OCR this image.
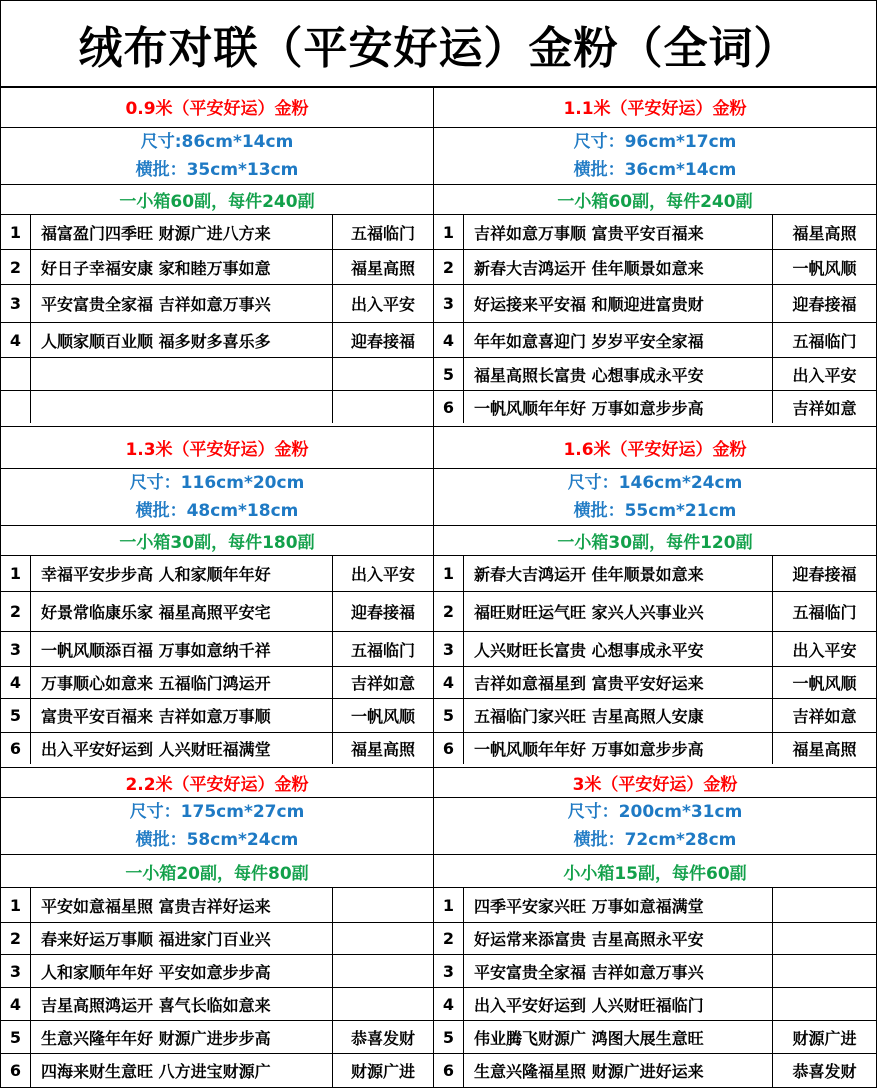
绒布对联（平安好运）金粉（全词）
0.9米（平安好运）金粉
尺寸:86cm*14cm
横批：35cm*13cm
一小箱60副，每件240副
1	福富盈门四季旺 财源广进八方来	五福临门
2	好日子幸福安康 家和睦万事如意	福星高照
3	平安富贵全家福 吉祥如意万事兴	出入平安
4	人顺家顺百业顺 福多财多喜乐多	迎春接福
1.1米（平安好运）金粉
尺寸：96cm*17cm
横批：36cm*14cm
一小箱60副，每件240副
1	吉祥如意万事顺 富贵平安百福来	福星高照
2	新春大吉鸿运开 佳年顺景如意来	一帆风顺
3	好运接来平安福 和顺迎进富贵财	迎春接福
4	年年如意喜迎门 岁岁平安全家福	五福临门
5	福星高照长富贵 心想事成永平安	出入平安
6	一帆风顺年年好 万事如意步步高	吉祥如意
1.3米（平安好运）金粉
尺寸：116cm*20cm
横批：48cm*18cm
一小箱30副，每件180副
1	幸福平安步步高 人和家顺年年好	出入平安
2	好景常临康乐家 福星高照平安宅	迎春接福
3	一帆风顺添百福 万事如意纳千祥	五福临门
4	万事顺心如意来 五福临门鸿运开	吉祥如意
5	富贵平安百福来 吉祥如意万事顺	一帆风顺
6	出入平安好运到 人兴财旺福满堂	福星高照
1.6米（平安好运）金粉
尺寸：146cm*24cm
横批：55cm*21cm
一小箱30副，每件120副
1	新春大吉鸿运开 佳年顺景如意来	迎春接福
2	福旺财旺运气旺 家兴人兴事业兴	五福临门
3	人兴财旺长富贵 心想事成永平安	出入平安
4	吉祥如意福星到 富贵平安好运来	一帆风顺
5	五福临门家兴旺 吉星高照人安康	吉祥如意
6	一帆风顺年年好 万事如意步步高	福星高照
2.2米（平安好运）金粉
尺寸：175cm*27cm
横批：58cm*24cm
一小箱20副，每件80副
1	平安如意福星照 富贵吉祥好运来
2	春来好运万事顺 福进家门百业兴
3	人和家顺年年好 平安如意步步高
4	吉星高照鸿运开 喜气长临如意来
5	生意兴隆年年好 财源广进步步高	恭喜发财
6	四海来财生意旺 八方进宝财源广	财源广进
3米（平安好运）金粉
尺寸：200cm*31cm
横批：72cm*28cm
小小箱15副，每件60副
1	四季平安家兴旺 万事如意福满堂
2	好运常来添富贵 吉星高照永平安
3	平安富贵全家福 吉祥如意万事兴
4	出入平安好运到 人兴财旺福临门
5	伟业腾飞财源广 鸿图大展生意旺	财源广进
6	生意兴隆福星照 财源广进好运来	恭喜发财
